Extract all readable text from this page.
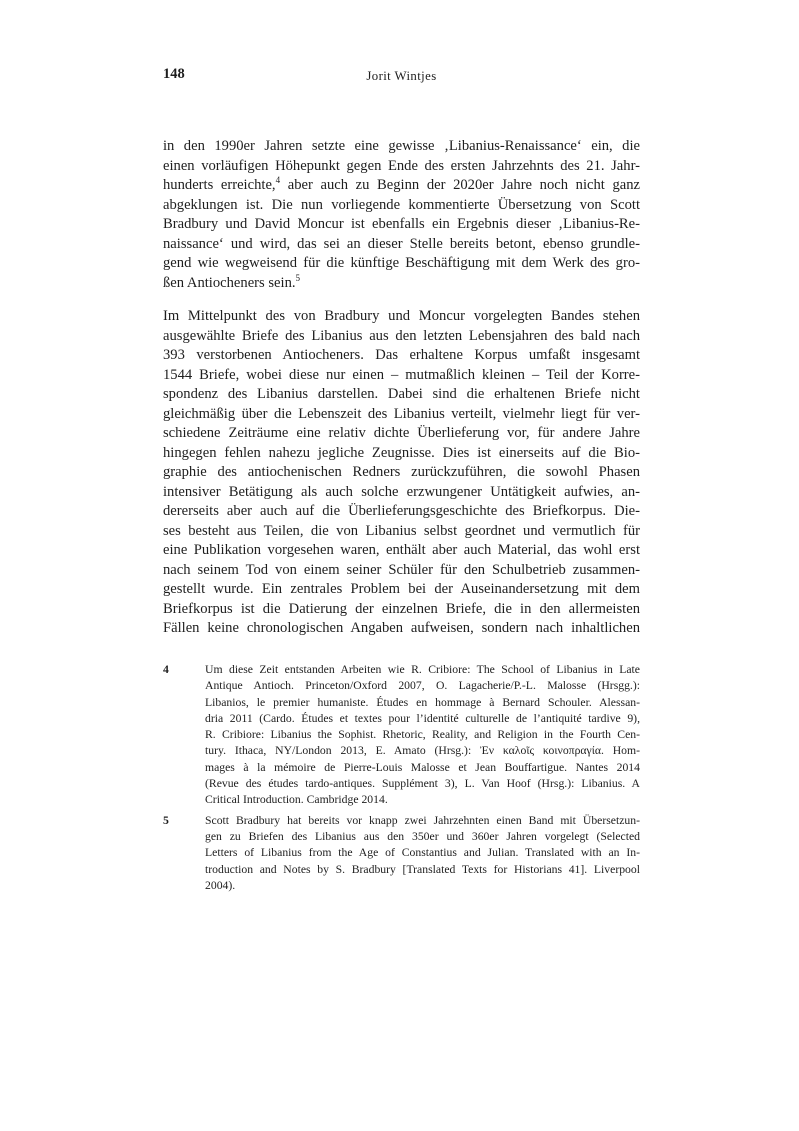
148	Jorit Wintjes
in den 1990er Jahren setzte eine gewisse ‚Libanius-Renaissance‘ ein, die
einen vorläufigen Höhepunkt gegen Ende des ersten Jahrzehnts des 21. Jahr-
hunderts erreichte,$^4$ aber auch zu Beginn der 2020er Jahre noch nicht ganz
abgeklungen ist. Die nun vorliegende kommentierte Übersetzung von Scott
Bradbury und David Moncur ist ebenfalls ein Ergebnis dieser ‚Libanius-Re-
naissance‘ und wird, das sei an dieser Stelle bereits betont, ebenso grundle-
gend wie wegweisend für die künftige Beschäftigung mit dem Werk des gro-
ßen Antiocheners sein.$^5$
Im Mittelpunkt des von Bradbury und Moncur vorgelegten Bandes stehen
ausgewählte Briefe des Libanius aus den letzten Lebensjahren des bald nach
393 verstorbenen Antiocheners. Das erhaltene Korpus umfaßt insgesamt
1544 Briefe, wobei diese nur einen – mutmaßlich kleinen – Teil der Korre-
spondenz des Libanius darstellen. Dabei sind die erhaltenen Briefe nicht
gleichmäßig über die Lebenszeit des Libanius verteilt, vielmehr liegt für ver-
schiedene Zeiträume eine relativ dichte Überlieferung vor, für andere Jahre
hingegen fehlen nahezu jegliche Zeugnisse. Dies ist einerseits auf die Bio-
graphie des antiochenischen Redners zurückzuführen, die sowohl Phasen
intensiver Betätigung als auch solche erzwungener Untätigkeit aufwies, an-
dererseits aber auch auf die Überlieferungsgeschichte des Briefkorpus. Die-
ses besteht aus Teilen, die von Libanius selbst geordnet und vermutlich für
eine Publikation vorgesehen waren, enthält aber auch Material, das wohl erst
nach seinem Tod von einem seiner Schüler für den Schulbetrieb zusammen-
gestellt wurde. Ein zentrales Problem bei der Auseinandersetzung mit dem
Briefkorpus ist die Datierung der einzelnen Briefe, die in den allermeisten
Fällen keine chronologischen Angaben aufweisen, sondern nach inhaltlichen
4	Um diese Zeit entstanden Arbeiten wie R. Cribiore: The School of Libanius in Late
Antique Antioch. Princeton/Oxford 2007, O. Lagacherie/P.-L. Malosse (Hrsgg.):
Libanios, le premier humaniste. Études en hommage à Bernard Schouler. Alessan-
dria 2011 (Cardo. Études et textes pour l’identité culturelle de l’antiquité tardive 9),
R. Cribiore: Libanius the Sophist. Rhetoric, Reality, and Religion in the Fourth Cen-
tury. Ithaca, NY/London 2013, E. Amato (Hrsg.): Ἐν καλοῖς κοινοπραγία. Hom-
mages à la mémoire de Pierre-Louis Malosse et Jean Bouffartigue. Nantes 2014
(Revue des études tardo-antiques. Supplément 3), L. Van Hoof (Hrsg.): Libanius. A
Critical Introduction. Cambridge 2014.
5	Scott Bradbury hat bereits vor knapp zwei Jahrzehnten einen Band mit Übersetzun-
gen zu Briefen des Libanius aus den 350er und 360er Jahren vorgelegt (Selected
Letters of Libanius from the Age of Constantius and Julian. Translated with an In-
troduction and Notes by S. Bradbury [Translated Texts for Historians 41]. Liverpool
2004).
